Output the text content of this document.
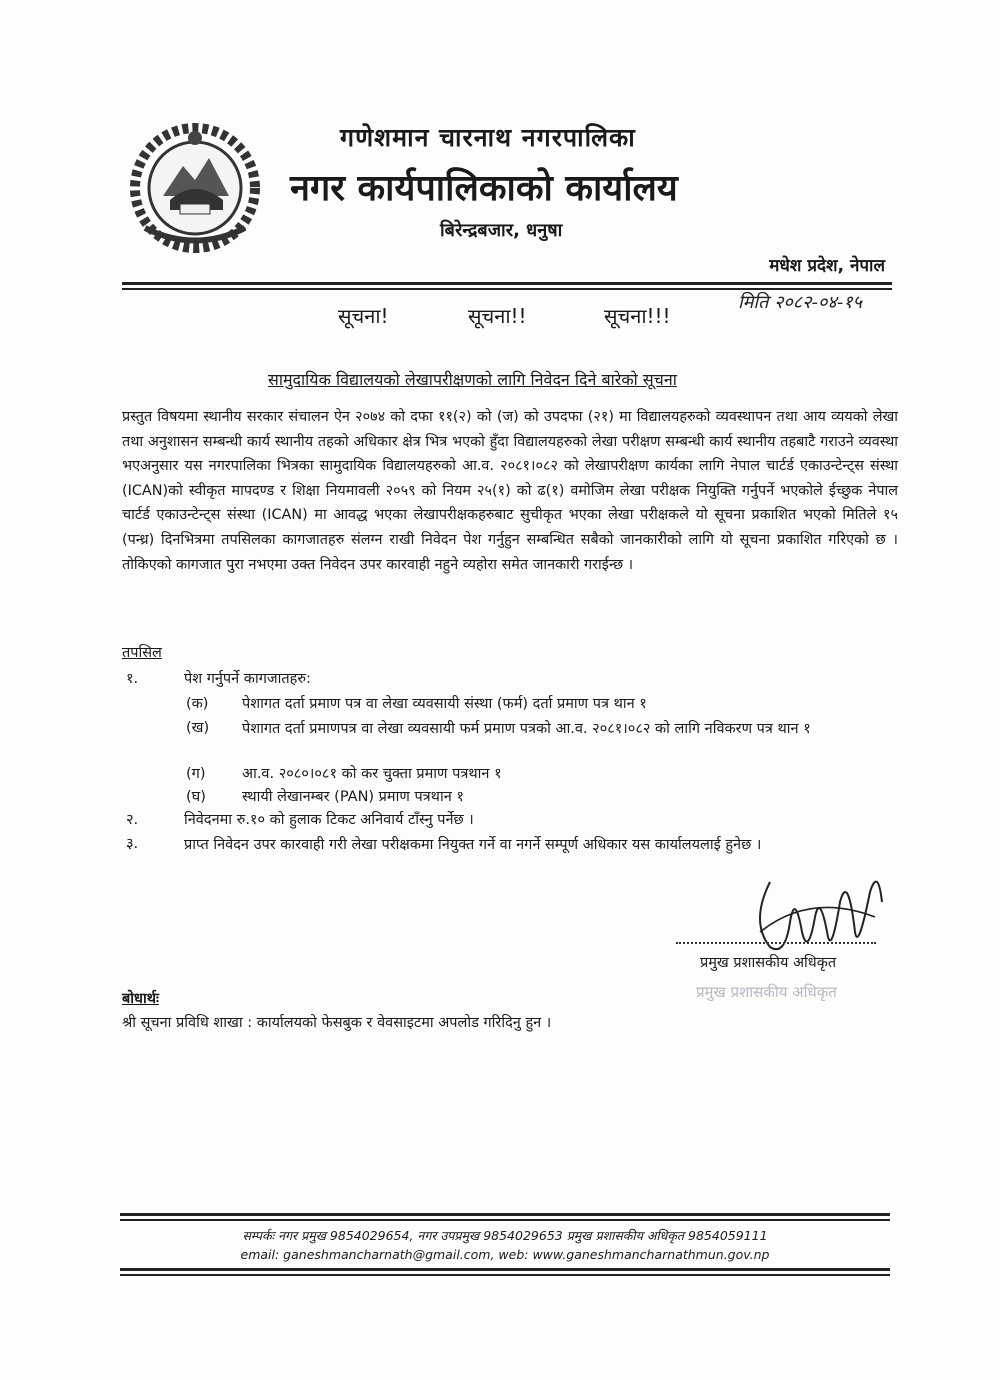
गणेशमान चारनाथ नगरपालिका
नगर कार्यपालिकाको कार्यालय
बिरेन्द्रबजार, धनुषा
मधेश प्रदेश, नेपाल
मिति २०८२-०४-१५
सूचना!	सूचना!!	सूचना!!!
सामुदायिक विद्यालयको लेखापरीक्षणको लागि निवेदन दिने बारेको सूचना
प्रस्तुत विषयमा स्थानीय सरकार संचालन ऐन २०७४ को दफा ११(२) को (ज) को उपदफा (२१) मा विद्यालयहरुको व्यवस्थापन तथा आय व्ययको लेखा तथा अनुशासन सम्बन्धी कार्य स्थानीय तहको अधिकार क्षेत्र भित्र भएको हुँदा विद्यालयहरुको लेखा परीक्षण सम्बन्धी कार्य स्थानीय तहबाटै गराउने व्यवस्था भएअनुसार यस नगरपालिका भित्रका सामुदायिक विद्यालयहरुको आ.व. २०८१।०८२ को लेखापरीक्षण कार्यका लागि नेपाल चार्टर्ड एकाउन्टेन्ट्स संस्था (ICAN)को स्वीकृत मापदण्ड र शिक्षा नियमावली २०५९ को नियम २५(१) को ढ(१) वमोजिम लेखा परीक्षक नियुक्ति गर्नुपर्ने भएकोले ईच्छुक नेपाल चार्टर्ड एकाउन्टेन्ट्स संस्था (ICAN) मा आवद्ध भएका लेखापरीक्षकहरुबाट सुचीकृत भएका लेखा परीक्षकले यो सूचना प्रकाशित भएको मितिले १५ (पन्ध्र) दिनभित्रमा तपसिलका कागजातहरु संलग्न राखी निवेदन पेश गर्नुहुन सम्बन्धित सबैको जानकारीको लागि यो सूचना प्रकाशित गरिएको छ । तोकिएको कागजात पुरा नभएमा उक्त निवेदन उपर कारवाही नहुने व्यहोरा समेत जानकारी गराईन्छ ।
तपसिल
१.	पेश गर्नुपर्ने कागजातहरु:
(क) पेशागत दर्ता प्रमाण पत्र वा लेखा व्यवसायी संस्था (फर्म) दर्ता प्रमाण पत्र थान १
(ख) पेशागत दर्ता प्रमाणपत्र वा लेखा व्यवसायी फर्म प्रमाण पत्रको आ.व. २०८१।०८२ को लागि नविकरण पत्र थान १
(ग)	आ.व. २०८०।०८१ को कर चुक्ता प्रमाण पत्रथान १
(घ) स्थायी लेखानम्बर (PAN) प्रमाण पत्रथान १
२.	निवेदनमा रु.१० को हुलाक टिकट अनिवार्य टाँस्नु पर्नेछ ।
३.	प्राप्त निवेदन उपर कारवाही गरी लेखा परीक्षकमा नियुक्त गर्ने वा नगर्ने सम्पूर्ण अधिकार यस कार्यालयलाई हुनेछ ।
प्रमुख प्रशासकीय अधिकृत
प्रमुख प्रशासकीय अधिकृत
बोधार्थः
श्री सूचना प्रविधि शाखा : कार्यालयको फेसबुक र वेवसाइटमा अपलोड गरिदिनु हुन ।
सम्पर्कः नगर प्रमुख 9854029654, नगर उपप्रमुख 9854029653 प्रमुख प्रशासकीय अधिकृत 9854059111
email: ganeshmancharnath@gmail.com, web: www.ganeshmancharnathmun.gov.np
